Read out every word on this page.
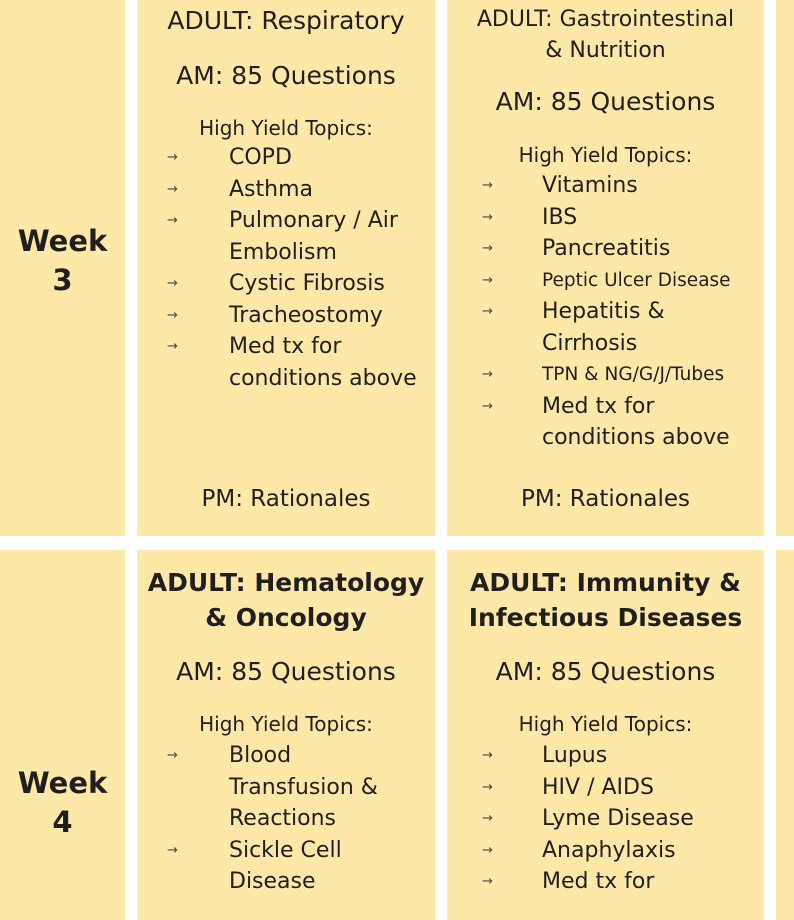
Week
3
ADULT: Respiratory
AM: 85 Questions
High Yield Topics:
→ COPD
→ Asthma
→ Pulmonary / Air
Embolism
→ Cystic Fibrosis
→ Tracheostomy
→ Med tx for
conditions above
PM: Rationales
ADULT: Gastrointestinal
& Nutrition
AM: 85 Questions
High Yield Topics:
→ Vitamins
→ IBS
→ Pancreatitis
→	Peptic Ulcer Disease
→ Hepatitis &
Cirrhosis
→	TPN & NG/G/J/Tubes
→ Med tx for
conditions above
PM: Rationales
Week
4
ADULT: Hematology
& Oncology
AM: 85 Questions
High Yield Topics:
→ Blood
Transfusion &
Reactions
→ Sickle Cell
Disease
ADULT: Immunity &
Infectious Diseases
AM: 85 Questions
High Yield Topics:
→ Lupus
→ HIV / AIDS
→ Lyme Disease
→ Anaphylaxis
→ Med tx for
